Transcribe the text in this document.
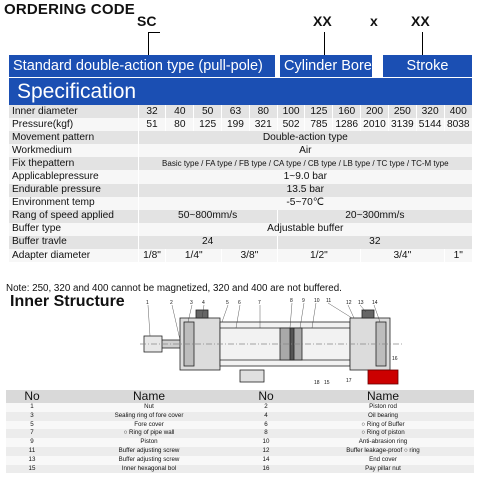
ORDERING CODE
SC	XX	x XX
Standard double-action type (pull-pole)	Cylinder Bore	Stroke
Specification
Inner diameter	32	40	50	63	80	100	125	160	200	250	320	400
Pressure(kgf)	51	80	125	199	321	502	785	1286	2010	3139	5144	8038
Movement pattern	Double-action type											
Workmedium	Air											
Fix thepattern	Basic type / FA type / FB type / CA type / CB type / LB type / TC type / TC-M type											
Applicablepressure	1~9.0 bar											
Endurable pressure	13.5 bar											
Environment temp	-5~70℃											
Rang of speed applied	50~800mm/s					20~300mm/s						
Buffer type	Adjustable buffer											
Buffer travle	24					32						
Adapter diameter	1/8"	1/4"		3/8"		1/2"			3/4"			1"
Note: 250, 320 and 400 cannot be magnetized, 320 and 400 are not buffered.
Inner Structure	1	2	3 4	5 6	7	8 9 10 11	12 13 14
16
17
18 15
No	Name	No	Name
1	Nut	2	Piston rod
3	Sealing ring of fore cover	4	Oil bearing
5	Fore cover	6	○ Ring of Buffer
7	○ Ring of pipe wall	8	○ Ring of piston
9	Piston	10	Anti-abrasion ring
11	Buffer adjusting screw	12	Buffer leakage-proof ○ ring
13	Buffer adjusting screw	14	End cover
15	Inner hexagonal bol	16	Pay pillar nut
